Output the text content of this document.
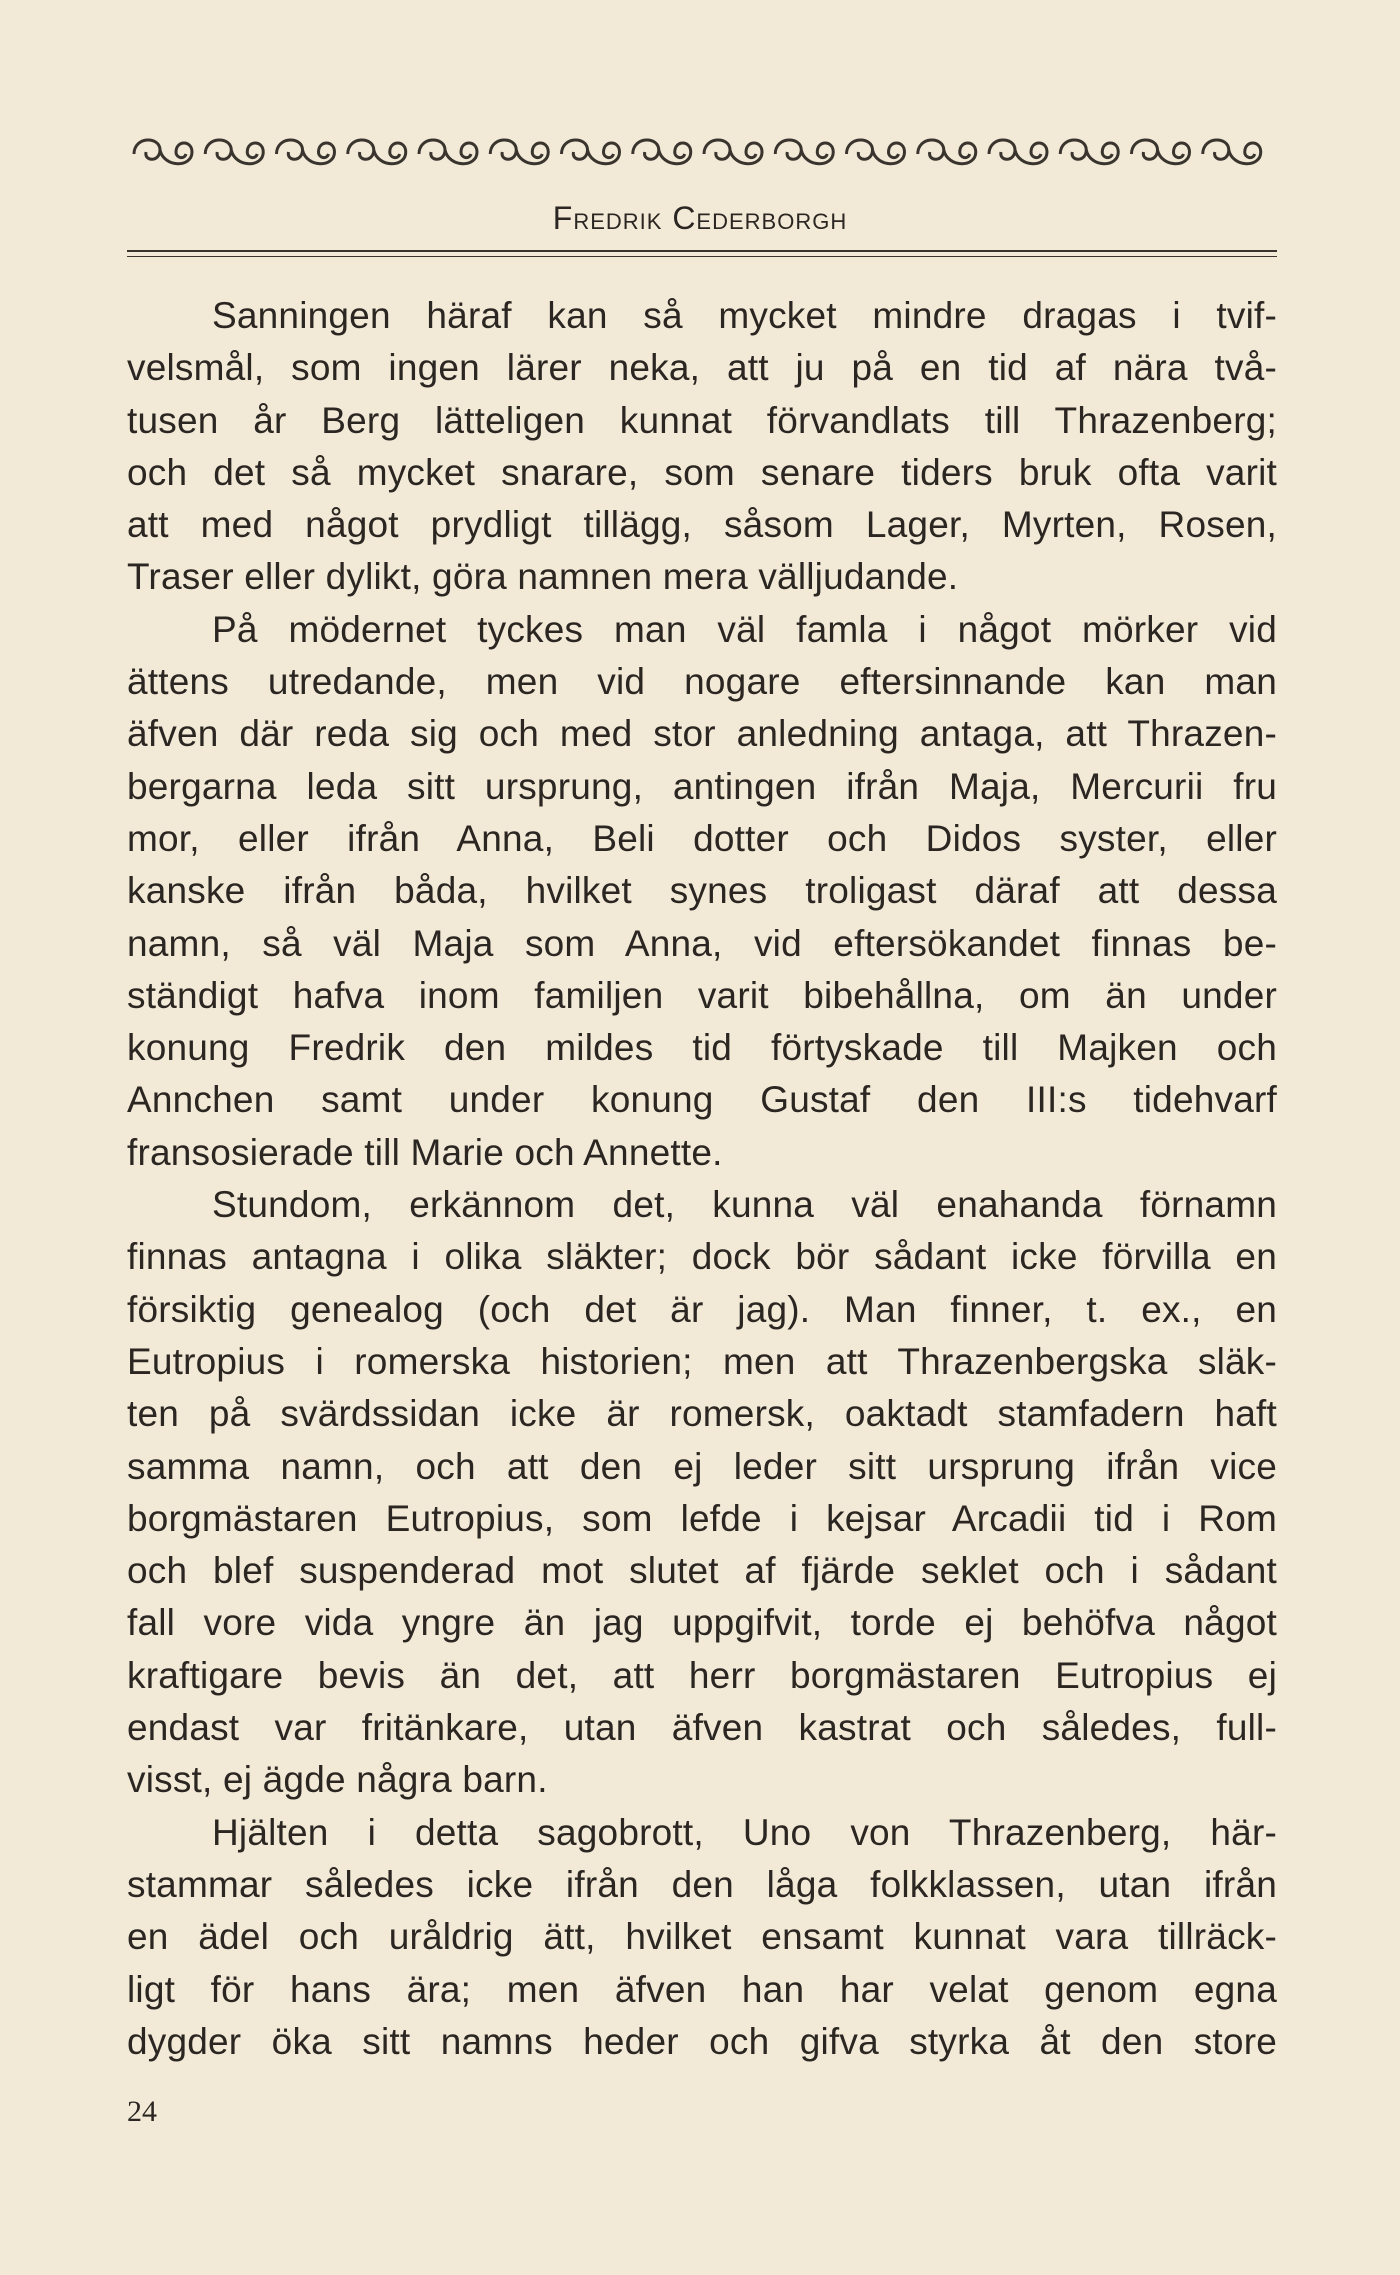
Fredrik Cederborgh
Sanningen häraf kan så mycket mindre dragas i tvif-
velsmål, som ingen lärer neka, att ju på en tid af nära två-
tusen år Berg lätteligen kunnat förvandlats till Thrazenberg;
och det så mycket snarare, som senare tiders bruk ofta varit
att med något prydligt tillägg, såsom Lager, Myrten, Rosen,
Traser eller dylikt, göra namnen mera välljudande.
På mödernet tyckes man väl famla i något mörker vid
ättens utredande, men vid nogare eftersinnande kan man
äfven där reda sig och med stor anledning antaga, att Thrazen-
bergarna leda sitt ursprung, antingen ifrån Maja, Mercurii fru
mor, eller ifrån Anna, Beli dotter och Didos syster, eller
kanske ifrån båda, hvilket synes troligast däraf att dessa
namn, så väl Maja som Anna, vid eftersökandet finnas be-
ständigt hafva inom familjen varit bibehållna, om än under
konung Fredrik den mildes tid förtyskade till Majken och
Annchen samt under konung Gustaf den III:s tidehvarf
fransosierade till Marie och Annette.
Stundom, erkännom det, kunna väl enahanda förnamn
finnas antagna i olika släkter; dock bör sådant icke förvilla en
försiktig genealog (och det är jag). Man finner, t. ex., en
Eutropius i romerska historien; men att Thrazenbergska släk-
ten på svärdssidan icke är romersk, oaktadt stamfadern haft
samma namn, och att den ej leder sitt ursprung ifrån vice
borgmästaren Eutropius, som lefde i kejsar Arcadii tid i Rom
och blef suspenderad mot slutet af fjärde seklet och i sådant
fall vore vida yngre än jag uppgifvit, torde ej behöfva något
kraftigare bevis än det, att herr borgmästaren Eutropius ej
endast var fritänkare, utan äfven kastrat och således, full-
visst, ej ägde några barn.
Hjälten i detta sagobrott, Uno von Thrazenberg, här-
stammar således icke ifrån den låga folkklassen, utan ifrån
en ädel och uråldrig ätt, hvilket ensamt kunnat vara tillräck-
ligt för hans ära; men äfven han har velat genom egna
dygder öka sitt namns heder och gifva styrka åt den store
24
